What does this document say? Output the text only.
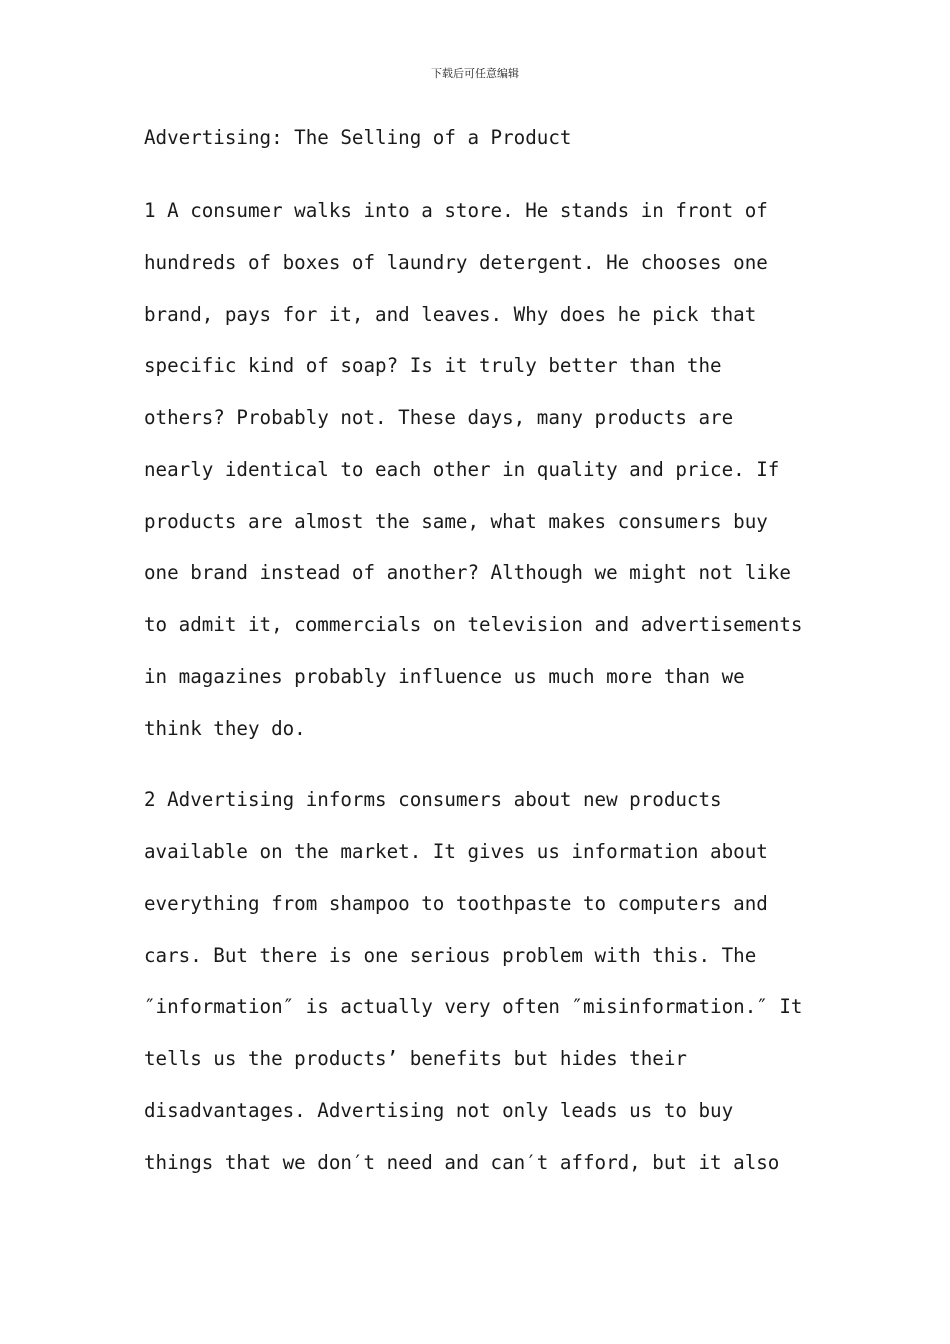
下载后可任意编辑
Advertising: The Selling of a Product

1 A consumer walks into a store. He stands in front of
hundreds of boxes of laundry detergent. He chooses one
brand, pays for it, and leaves. Why does he pick that
specific kind of soap? Is it truly better than the
others? Probably not. These days, many products are
nearly identical to each other in quality and price. If
products are almost the same, what makes consumers buy
one brand instead of another? Although we might not like
to admit it, commercials on television and advertisements
in magazines probably influence us much more than we
think they do.

2 Advertising informs consumers about new products
available on the market. It gives us information about
everything from shampoo to toothpaste to computers and
cars. But there is one serious problem with this. The
″information″ is actually very often ″misinformation.″ It
tells us the products’ benefits but hides their
disadvantages. Advertising not only leads us to buy
things that we don′t need and can′t afford, but it also
